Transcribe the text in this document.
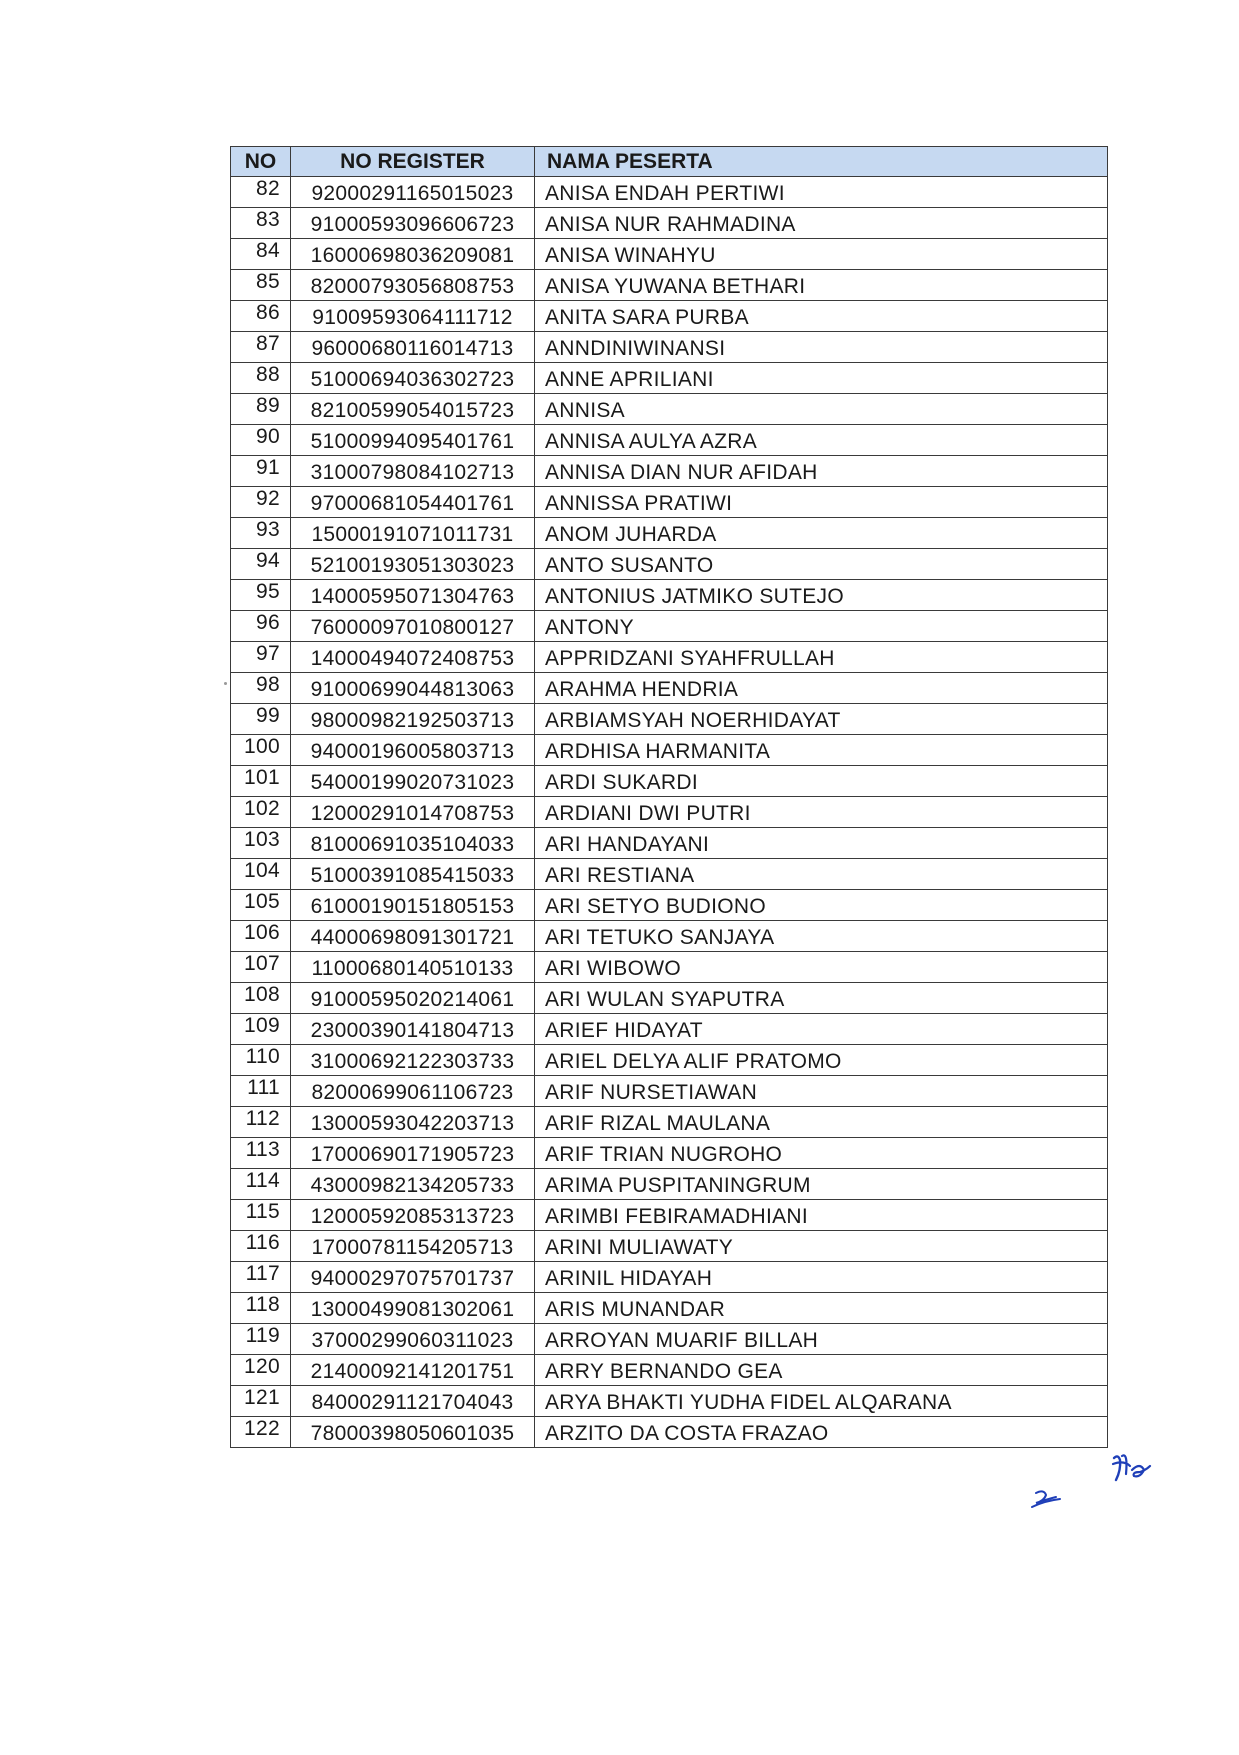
NO	NO REGISTER	NAMA PESERTA
82	92000291165015023	ANISA ENDAH PERTIWI
83	91000593096606723	ANISA NUR RAHMADINA
84	16000698036209081	ANISA WINAHYU
85	82000793056808753	ANISA YUWANA BETHARI
86	91009593064111712	ANITA SARA PURBA
87	96000680116014713	ANNDINIWINANSI
88	51000694036302723	ANNE APRILIANI
89	82100599054015723	ANNISA
90	51000994095401761	ANNISA AULYA AZRA
91	31000798084102713	ANNISA DIAN NUR AFIDAH
92	97000681054401761	ANNISSA PRATIWI
93	15000191071011731	ANOM JUHARDA
94	52100193051303023	ANTO SUSANTO
95	14000595071304763	ANTONIUS JATMIKO SUTEJO
96	76000097010800127	ANTONY
97	14000494072408753	APPRIDZANI SYAHFRULLAH
98	91000699044813063	ARAHMA HENDRIA
99	98000982192503713	ARBIAMSYAH NOERHIDAYAT
100	94000196005803713	ARDHISA HARMANITA
101	54000199020731023	ARDI SUKARDI
102	12000291014708753	ARDIANI DWI PUTRI
103	81000691035104033	ARI HANDAYANI
104	51000391085415033	ARI RESTIANA
105	61000190151805153	ARI SETYO BUDIONO
106	44000698091301721	ARI TETUKO SANJAYA
107	11000680140510133	ARI WIBOWO
108	91000595020214061	ARI WULAN SYAPUTRA
109	23000390141804713	ARIEF HIDAYAT
110	31000692122303733	ARIEL DELYA ALIF PRATOMO
111	82000699061106723	ARIF NURSETIAWAN
112	13000593042203713	ARIF RIZAL MAULANA
113	17000690171905723	ARIF TRIAN NUGROHO
114	43000982134205733	ARIMA PUSPITANINGRUM
115	12000592085313723	ARIMBI FEBIRAMADHIANI
116	17000781154205713	ARINI MULIAWATY
117	94000297075701737	ARINIL HIDAYAH
118	13000499081302061	ARIS MUNANDAR
119	37000299060311023	ARROYAN MUARIF BILLAH
120	21400092141201751	ARRY BERNANDO GEA
121	84000291121704043	ARYA BHAKTI YUDHA FIDEL ALQARANA
122	78000398050601035	ARZITO DA COSTA FRAZAO
